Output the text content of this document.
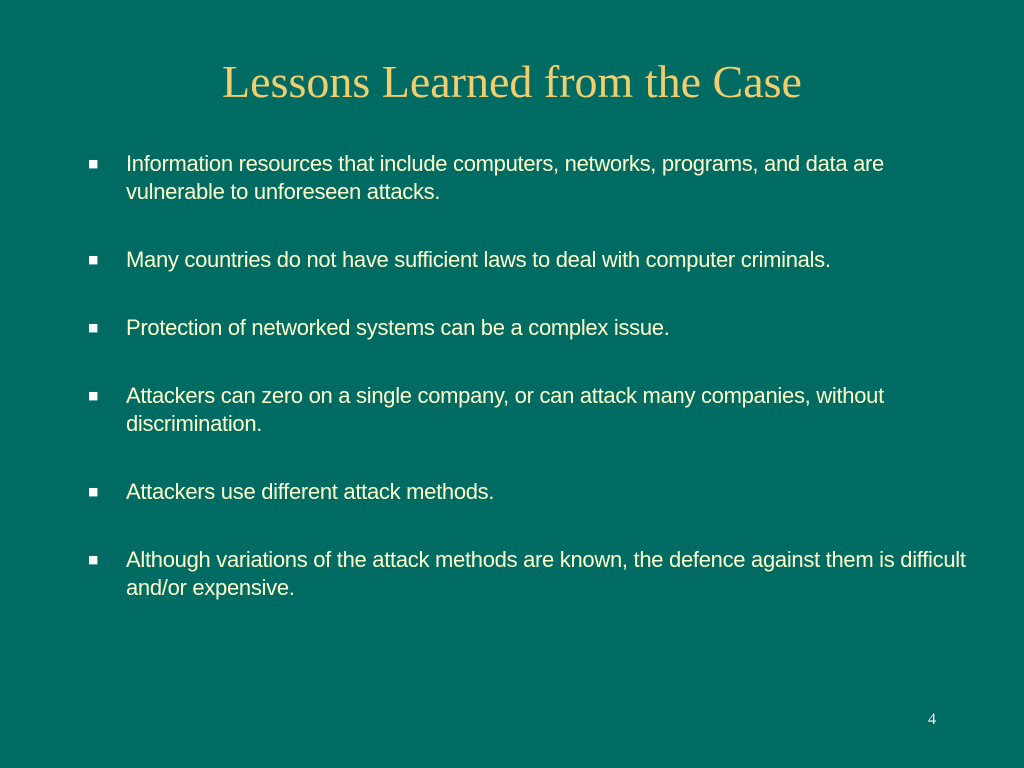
Lessons Learned from the Case
■	Information resources that include computers, networks, programs, and data are vulnerable to unforeseen attacks.
■	Many countries do not have sufficient laws to deal with computer criminals.
■	Protection of networked systems can be a complex issue.
■	Attackers can zero on a single company, or can attack many companies, without discrimination.
■	Attackers use different attack methods.
■	Although variations of the attack methods are known, the defence against them is difficult and/or expensive.
4
